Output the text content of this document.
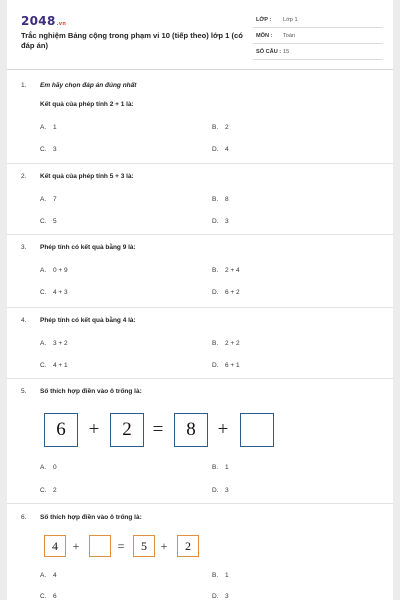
2048.vn
Trắc nghiệm Bảng cộng trong phạm vi 10 (tiếp theo) lớp 1 (có đáp án)
LỚP : Lớp 1
MÔN : Toán
SỐ CÂU : 15
1. Em hãy chọn đáp án đúng nhất
Kết quả của phép tính 2 + 1 là:
A. 1	B. 2
C. 3	D. 4
2. Kết quả của phép tính 5 + 3 là:
A. 7	B. 8
C. 5	D. 3
3. Phép tính có kết quả bằng 9 là:
A. 0 + 9	B. 2 + 4
C. 4 + 3	D. 6 + 2
4. Phép tính có kết quả bằng 4 là:
A. 3 + 2	B. 2 + 2
C. 4 + 1	D. 6 + 1
5. Số thích hợp điền vào ô trống là:
6	+	2	=	8	+
A. 0	B. 1
C. 2	D. 3
6. Số thích hợp điền vào ô trống là:
4	+	=	5	+	2
A. 4	B. 1
C. 6	D. 3
